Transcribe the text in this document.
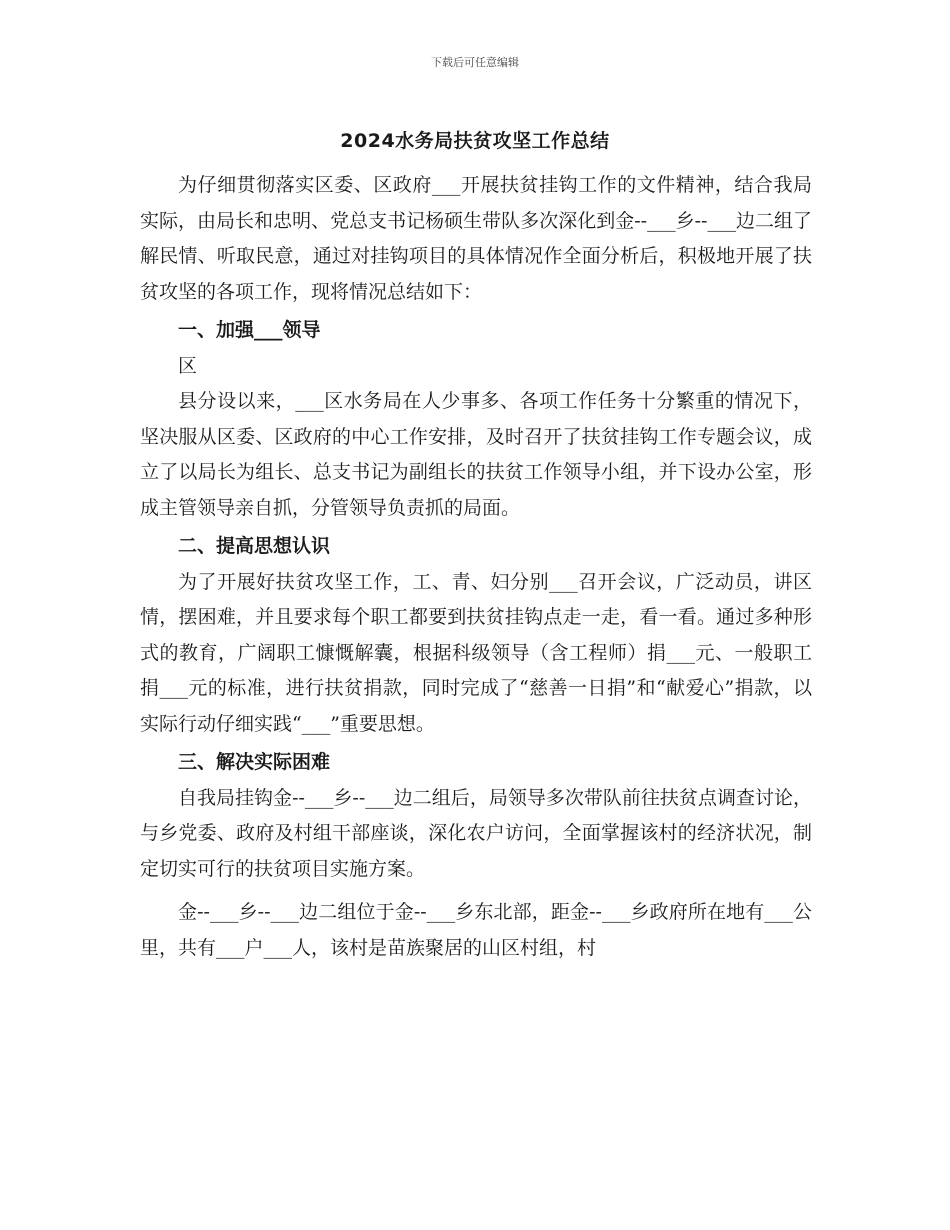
下载后可任意编辑
2024水务局扶贫攻坚工作总结

为仔细贯彻落实区委、区政府___开展扶贫挂钩工作的文件精神，结合我局实际，由局长和忠明、党总支书记杨硕生带队多次深化到金--___乡--___边二组了解民情、听取民意，通过对挂钩项目的具体情况作全面分析后，积极地开展了扶贫攻坚的各项工作，现将情况总结如下：

一、加强___领导

区

县分设以来，___区水务局在人少事多、各项工作任务十分繁重的情况下，坚决服从区委、区政府的中心工作安排，及时召开了扶贫挂钩工作专题会议，成立了以局长为组长、总支书记为副组长的扶贫工作领导小组，并下设办公室，形成主管领导亲自抓，分管领导负责抓的局面。

二、提高思想认识

为了开展好扶贫攻坚工作，工、青、妇分别___召开会议，广泛动员，讲区情，摆困难，并且要求每个职工都要到扶贫挂钩点走一走，看一看。通过多种形式的教育，广阔职工慷慨解囊，根据科级领导（含工程师）捐___元、一般职工捐___元的标准，进行扶贫捐款，同时完成了“慈善一日捐”和“献爱心”捐款，以实际行动仔细实践“___”重要思想。

三、解决实际困难

自我局挂钩金--___乡--___边二组后，局领导多次带队前往扶贫点调查讨论，与乡党委、政府及村组干部座谈，深化农户访问，全面掌握该村的经济状况，制定切实可行的扶贫项目实施方案。

金--___乡--___边二组位于金--___乡东北部，距金--___乡政府所在地有___公里，共有___户___人，该村是苗族聚居的山区村组，村
